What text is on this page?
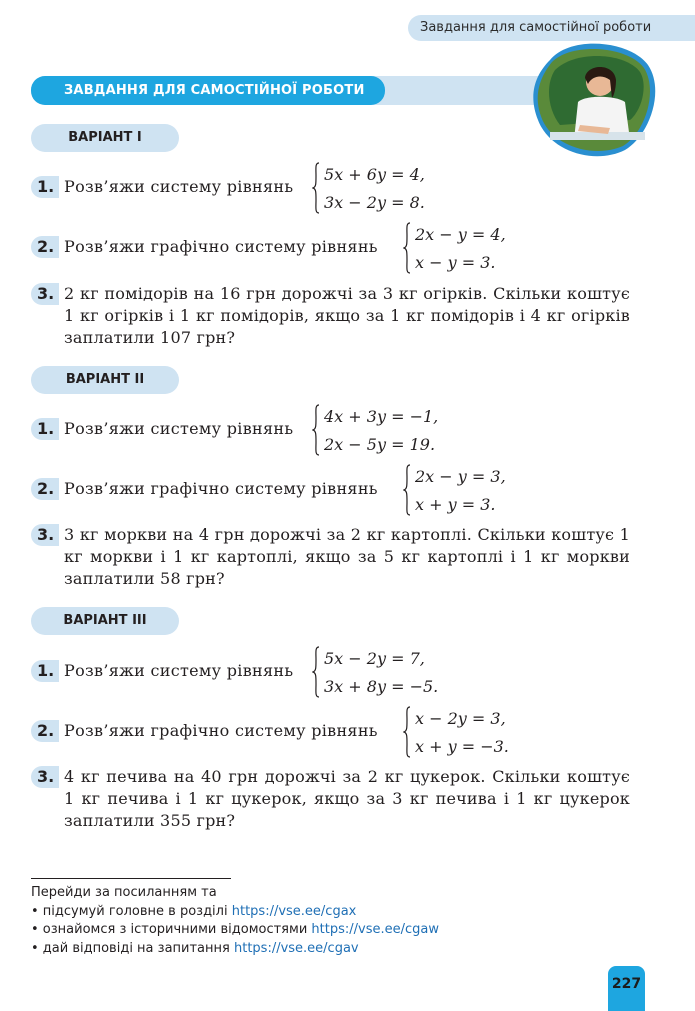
Завдання для самостійної роботи
ЗАВДАННЯ ДЛЯ САМОСТІЙНОЇ РОБОТИ
ВАРІАНТ І
1. Розв’яжи систему рівнянь
5x + 6y = 4,
3x − 2y = 8.
2. Розв’яжи графічно систему рівнянь
2x − y = 4,
x − y = 3.
3. 2 кг помідорів на 16 грн дорожчі за 3 кг огірків. Скільки коштує 1 кг огірків і 1 кг помідорів, якщо за 1 кг помідорів і 4 кг огірків заплатили 107 грн?
ВАРІАНТ ІІ
1. Розв’яжи систему рівнянь
4x + 3y = −1,
2x − 5y = 19.
2. Розв’яжи графічно систему рівнянь
2x − y = 3,
x + y = 3.
3. 3 кг моркви на 4 грн дорожчі за 2 кг картоплі. Скільки коштує 1 кг моркви і 1 кг картоплі, якщо за 5 кг картоплі і 1 кг моркви заплатили 58 грн?
ВАРІАНТ ІІІ
1. Розв’яжи систему рівнянь
5x − 2y = 7,
3x + 8y = −5.
2. Розв’яжи графічно систему рівнянь
x − 2y = 3,
x + y = −3.
3. 4 кг печива на 40 грн дорожчі за 2 кг цукерок. Скільки коштує 1 кг печива і 1 кг цукерок, якщо за 3 кг печива і 1 кг цукерок заплатили 355 грн?
Перейди за посиланням та
• підсумуй головне в розділі https://vse.ee/cgax
• ознайомся з історичними відомостями https://vse.ee/cgaw
• дай відповіді на запитання https://vse.ee/cgav
227
